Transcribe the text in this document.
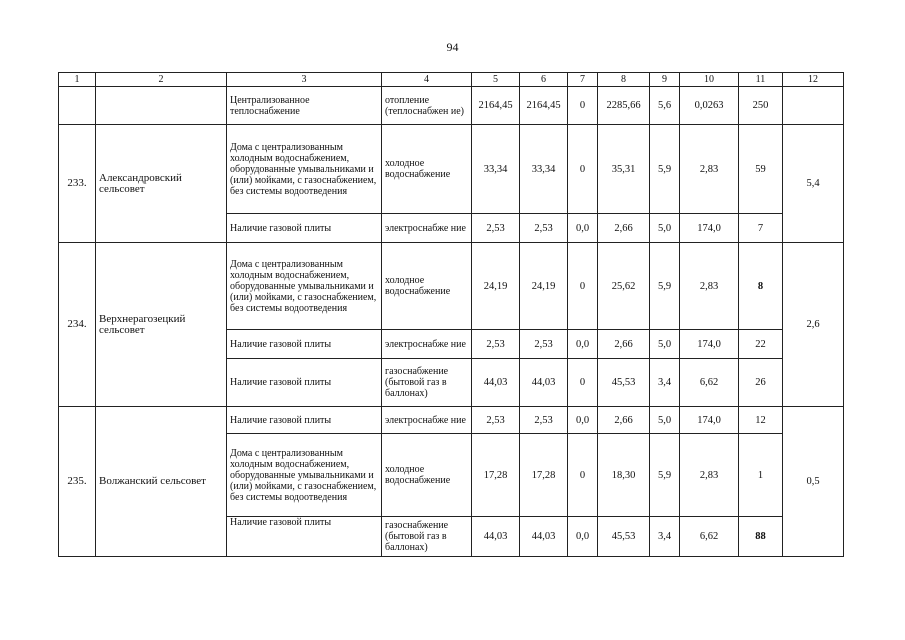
94
1	2	3	4	5	6	7	8	9	10	11	12
		Централизованное теплоснабжение	отопление (теплоснабжен ие)	2164,45	2164,45	0	2285,66	5,6	0,0263	250	
233.	Александровский сельсовет	Дома с централизованным холодным водоснабжением, оборудованные умывальниками и (или) мойками, с газоснабжением, без системы водоотведения	холодное водоснабжение	33,34	33,34	0	35,31	5,9	2,83	59	5,4
		Наличие газовой плиты	электроснабже ние	2,53	2,53	0,0	2,66	5,0	174,0	7	
234.	Верхнерагозецкий сельсовет	Дома с централизованным холодным водоснабжением, оборудованные умывальниками и (или) мойками, с газоснабжением, без системы водоотведения	холодное водоснабжение	24,19	24,19	0	25,62	5,9	2,83	8	2,6
		Наличие газовой плиты	электроснабже ние	2,53	2,53	0,0	2,66	5,0	174,0	22	
		Наличие газовой плиты	газоснабжение (бытовой газ в баллонах)	44,03	44,03	0	45,53	3,4	6,62	26	
235.	Волжанский сельсовет	Наличие газовой плиты	электроснабже ние	2,53	2,53	0,0	2,66	5,0	174,0	12	0,5
		Дома с централизованным холодным водоснабжением, оборудованные умывальниками и (или) мойками, с газоснабжением, без системы водоотведения	холодное водоснабжение	17,28	17,28	0	18,30	5,9	2,83	1	
		Наличие газовой плиты	газоснабжение (бытовой газ в баллонах)	44,03	44,03	0,0	45,53	3,4	6,62	88	
